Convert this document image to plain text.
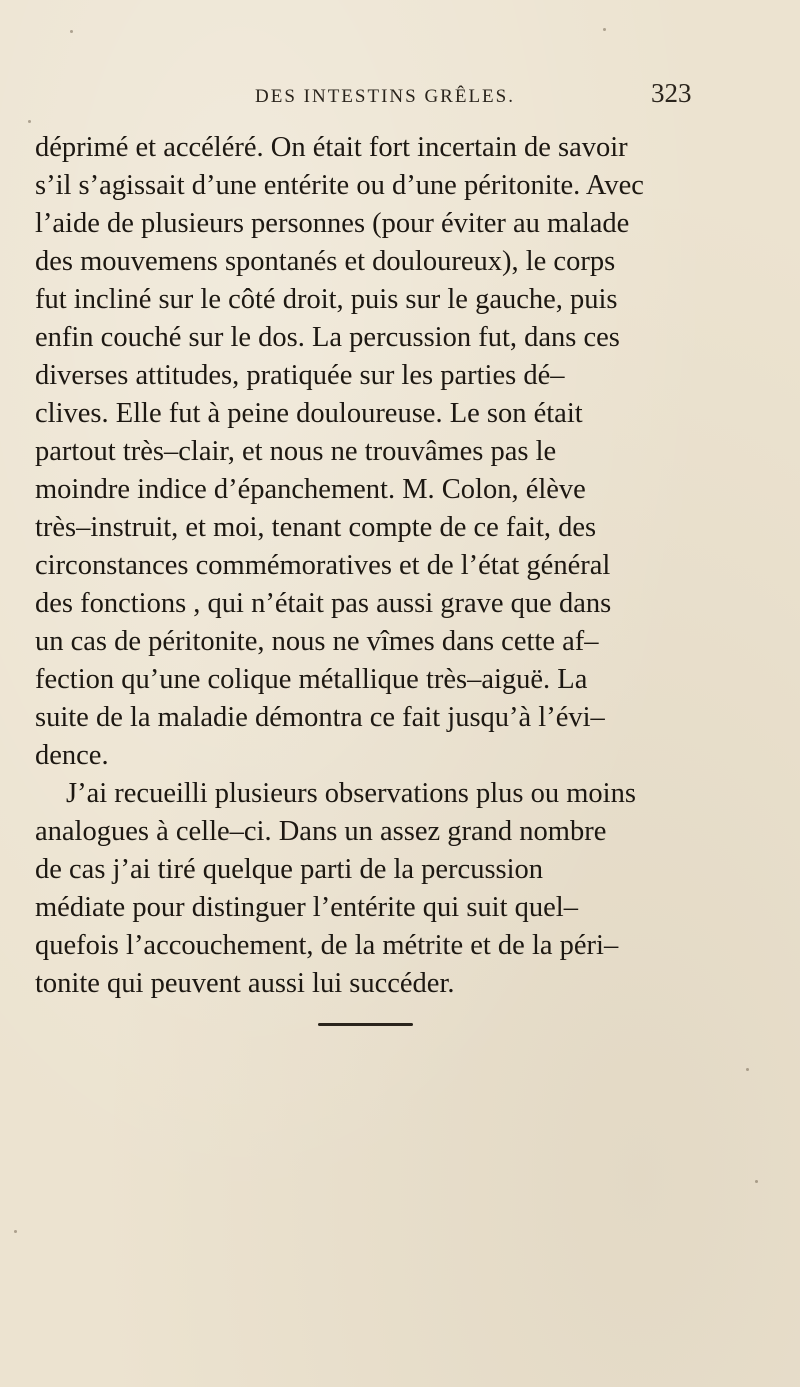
DES INTESTINS GRÊLES.	323
déprimé et accéléré. On était fort incertain de savoir
s’il s’agissait d’une entérite ou d’une péritonite. Avec
l’aide de plusieurs personnes (pour éviter au malade
des mouvemens spontanés et douloureux), le corps
fut incliné sur le côté droit, puis sur le gauche, puis
enfin couché sur le dos. La percussion fut, dans ces
diverses attitudes, pratiquée sur les parties dé–
clives. Elle fut à peine douloureuse. Le son était
partout très–clair, et nous ne trouvâmes pas le
moindre indice d’épanchement. M. Colon, élève
très–instruit, et moi, tenant compte de ce fait, des
circonstances commémoratives et de l’état général
des fonctions , qui n’était pas aussi grave que dans
un cas de péritonite, nous ne vîmes dans cette af–
fection qu’une colique métallique très–aiguë. La
suite de la maladie démontra ce fait jusqu’à l’évi–
dence.
J’ai recueilli plusieurs observations plus ou moins
analogues à celle–ci. Dans un assez grand nombre
de cas j’ai tiré quelque parti de la percussion
médiate pour distinguer l’entérite qui suit quel–
quefois l’accouchement, de la métrite et de la péri–
tonite qui peuvent aussi lui succéder.
